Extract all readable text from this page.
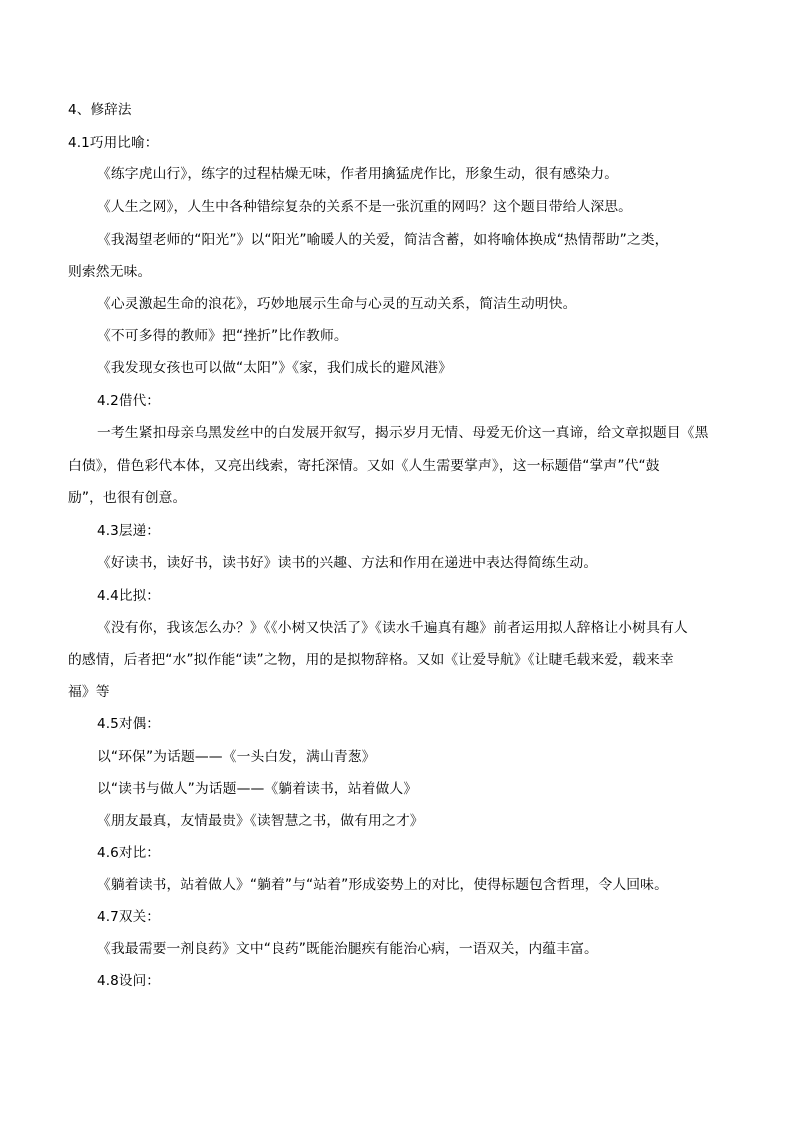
4、修辞法

4.1巧用比喻：

《练字虎山行》，练字的过程枯燥无味，作者用擒猛虎作比，形象生动，很有感染力。

《人生之网》，人生中各种错综复杂的关系不是一张沉重的网吗？这个题目带给人深思。

《我渴望老师的“阳光”》以“阳光”喻暖人的关爱，简洁含蓄，如将喻体换成“热情帮助”之类，

则索然无味。

《心灵激起生命的浪花》，巧妙地展示生命与心灵的互动关系，简洁生动明快。

《不可多得的教师》把“挫折”比作教师。

《我发现女孩也可以做“太阳”》《家，我们成长的避风港》

4.2借代：

一考生紧扣母亲乌黑发丝中的白发展开叙写，揭示岁月无情、母爱无价这一真谛，给文章拟题目《黑

白债》，借色彩代本体，又亮出线索，寄托深情。又如《人生需要掌声》，这一标题借“掌声”代“鼓

励”，也很有创意。

4.3层递：

《好读书，读好书，读书好》读书的兴趣、方法和作用在递进中表达得简练生动。

4.4比拟：

《没有你，我该怎么办？》《《小树又快活了》《读水千遍真有趣》前者运用拟人辞格让小树具有人

的感情，后者把“水”拟作能“读”之物，用的是拟物辞格。又如《让爱导航》《让睫毛载来爱，载来幸

福》等

4.5对偶：

以“环保”为话题——《一头白发，满山青葱》

以“读书与做人”为话题——《躺着读书，站着做人》

《朋友最真，友情最贵》《读智慧之书，做有用之才》

4.6对比：

《躺着读书，站着做人》“躺着”与“站着”形成姿势上的对比，使得标题包含哲理，令人回味。

4.7双关：

《我最需要一剂良药》文中“良药”既能治腿疾有能治心病，一语双关，内蕴丰富。

4.8设问：
